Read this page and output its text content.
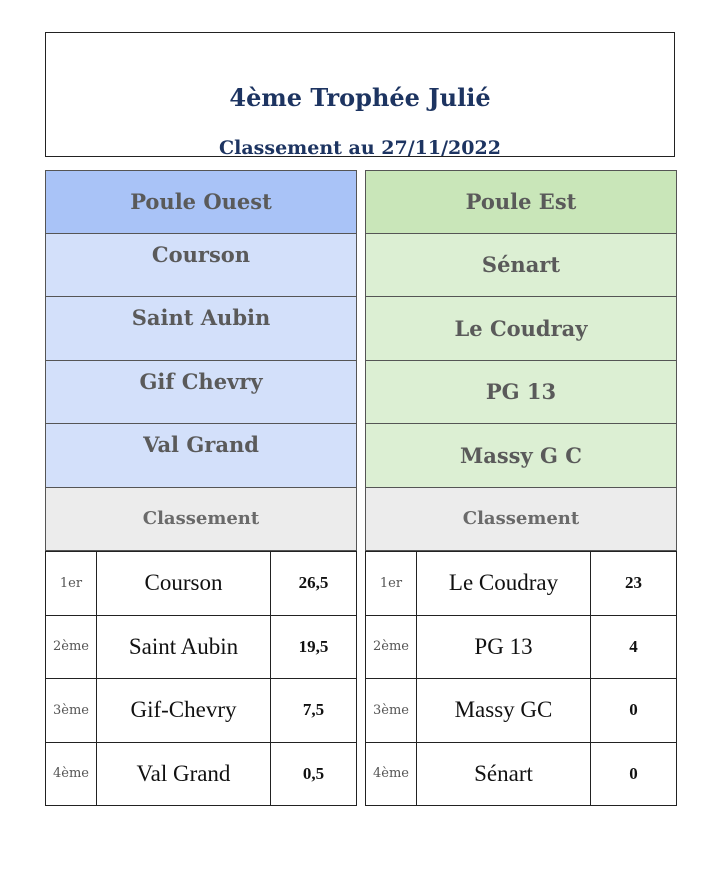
4ème Trophée Julié
Classement au 27/11/2022
Poule Ouest
Courson
Saint Aubin
Gif Chevry
Val Grand
Classement
1er	Courson	26,5
2ème	Saint Aubin	19,5
3ème	Gif-Chevry	7,5
4ème	Val Grand	0,5
Poule Est
Sénart
Le Coudray
PG 13
Massy G C
Classement
1er	Le Coudray	23
2ème	PG 13	4
3ème	Massy GC	0
4ème	Sénart	0
